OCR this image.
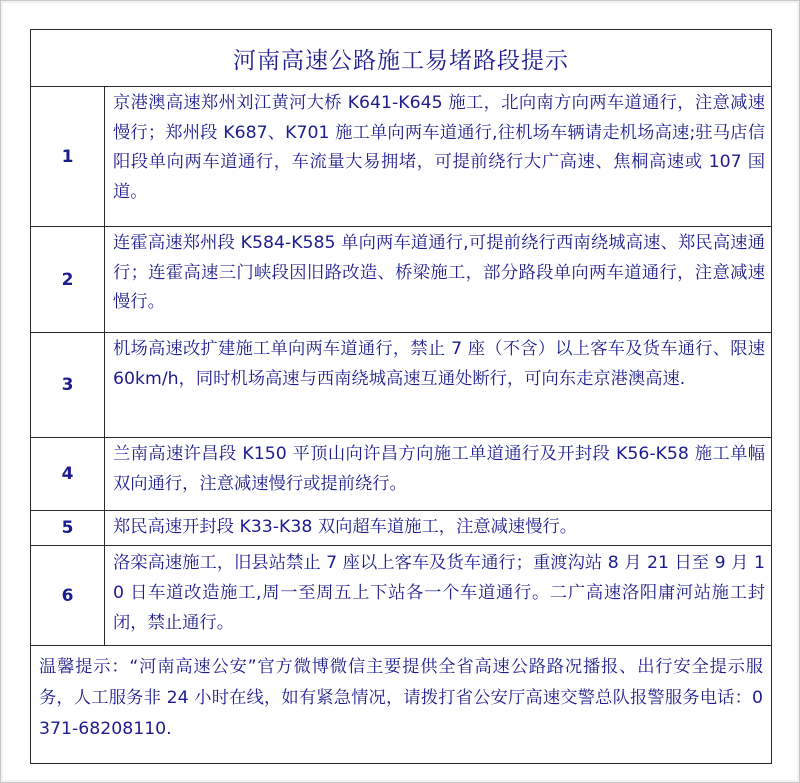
河南高速公路施工易堵路段提示
1
京港澳高速郑州刘江黄河大桥 K641-K645 施工，北向南方向两车道通行，注意减速慢行；郑州段 K687、K701 施工单向两车道通行,往机场车辆请走机场高速;驻马店信阳段单向两车道通行，车流量大易拥堵，可提前绕行大广高速、焦桐高速或 107 国道。
2
连霍高速郑州段 K584-K585 单向两车道通行,可提前绕行西南绕城高速、郑民高速通行；连霍高速三门峡段因旧路改造、桥梁施工，部分路段单向两车道通行，注意减速慢行。
3
机场高速改扩建施工单向两车道通行，禁止 7 座（不含）以上客车及货车通行、限速 60km/h，同时机场高速与西南绕城高速互通处断行，可向东走京港澳高速.
4
兰南高速许昌段 K150 平顶山向许昌方向施工单道通行及开封段 K56-K58 施工单幅双向通行，注意减速慢行或提前绕行。
5	郑民高速开封段 K33-K38 双向超车道施工，注意减速慢行。
6
洛栾高速施工，旧县站禁止 7 座以上客车及货车通行；重渡沟站 8 月 21 日至 9 月 10 日车道改造施工,周一至周五上下站各一个车道通行。二广高速洛阳庸河站施工封闭，禁止通行。
温馨提示：“河南高速公安”官方微博微信主要提供全省高速公路路况播报、出行安全提示服务，人工服务非 24 小时在线，如有紧急情况，请拨打省公安厅高速交警总队报警服务电话：0371-68208110.
